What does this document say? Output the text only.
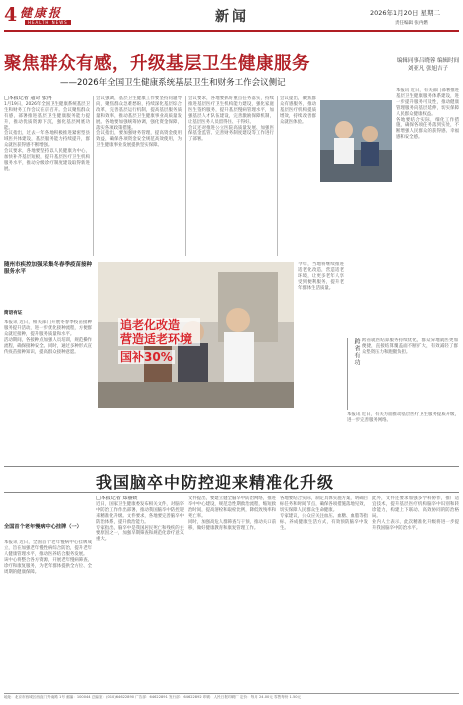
4 健康报
HEALTH NEWS	新闻	2026年1月20日 星期二
责任编辑 张冉燃
聚焦群众有感，升级基层卫生健康服务
——2026年全国卫生健康系统基层卫生和财务工作会议侧记
编辑同事吕晓蓉 编辑时间刘亚凡 张旭吉子
□本报记者 寇奇 张冉
1月19日，2026年全国卫生健康系统基层卫生和财务工作会议在京召开。会议聚焦群众有感，部署推进基层卫生健康服务能力提升，推动优质资源下沉，强化基层网底功能。
会议指出，过去一年各地积极推进紧密型县域医共体建设，基层服务能力持续提升，群众就医获得感不断增强。
会议要求，各地要坚持以人民健康为中心，加快补齐基层短板，提升基层医疗卫生机构服务水平，推动分级诊疗制度建设取得新进展。
会议强调，基层卫生健康工作要坚持问题导向，聚焦群众急难愁盼，持续深化基层综合改革，完善基层运行机制，提高基层服务质量和效率，推动基层卫生健康事业高质量发展。各地要加强统筹协调，强化资金保障，落实各项政策措施。
会议指出，要加强财务管理，提高资金使用效益，确保各项资金安全规范高效使用，为卫生健康事业发展提供坚实保障。
会议要求，各地要抓好重点任务落实，持续推进基层医疗卫生机构能力建设，强化家庭医生签约服务，提升基层慢病管理水平，加强基层人才队伍建设，完善激励保障机制，让基层医务人员留得住、干得好。
会议还对推进公立医院高质量发展、加强医保基金监管、完善财务制度建设等工作进行了部署。
会议提出，聚焦群众有感服务，推动基层医疗机构提质增效，持续改善群众就医体验。
本报讯 近日，有关部门部署推进基层卫生健康服务体系建设，进一步提升服务可及性，推动健康管理服务向基层延伸，切实保障人民群众健康权益。
各地要结合实际，细化工作措施，确保各项任务落到实处，不断增强人民群众的获得感、幸福感和安全感。
随州市疾控加强采集冬春季疫苗接种服务水平
简语有证
本报讯 近日，相关部门开展冬春季疫苗接种服务提升活动，进一步优化接种流程，方便群众就近接种，提升服务质量和水平。
活动期间，各接种点加强人员培训，规范操作流程，确保接种安全。同时，通过多种形式宣传疫苗接种知识，提高群众接种意愿。
追老化改造
营造适老环境
国补30%
今年，当地将继续推进适老化改造，营造适老环境，让更多老年人享受到便利服务，提升老年群体生活质量。
跨省有功 跨省就医结算服务持续优化，群众异地就医更加便捷，直接结算覆盖面不断扩大，有效减轻了群众垫资压力和跑腿负担。
本报讯 近日，有关方面推动基层医疗卫生服务提质升级，进一步完善服务网络。
我国脑卒中防控迎来精准化升级
全国首个老年慢病中心挂牌（一）
本报讯 近日，全国首个老年慢病中心挂牌成立，旨在加强老年慢性病综合防治，提升老年人健康管理水平，推动医养结合服务发展。
该中心将整合各方资源，开展老年慢病筛查、诊疗和康复服务，为老年群体提供全方位、全周期的健康保障。
□本报记者 郑丽媛
近日，国家卫生健康委发布相关文件，对脑卒中防治工作作出部署，推动我国脑卒中防控迎来精准化升级。文件要求，各地要完善脑卒中防治体系，提升救治能力。
专家指出，脑卒中是我国居民死亡和残疾的主要原因之一，加强早期筛查和规范化诊疗意义重大。
文件提出，要建立健全脑卒中防治网络，推进卒中中心建设，规范急性期救治流程，缩短救治时间，提高溶栓和取栓比例，降低致残率和死亡率。
同时，加强高危人群筛查与干预，推动关口前移，做好健康教育和康复管理工作。
各地要结合实际，制定具体实施方案，明确目标任务和时间节点，确保各项措施落地见效，切实保障人民群众生命健康。
专家建议，公众应关注血压、血糖、血脂等指标，养成健康生活方式，有效预防脑卒中发生。
此外，文件还要求加强多学科协作，推广适宜技术，提升基层医疗机构脑卒中识别和转诊能力，构建上下联动、高效协同的防治格局。
业内人士表示，此次精准化升级将进一步提升我国脑卒中防治水平。
地址：北京市西城区西直门外南路 1号 邮编：100044 总编室：(010)64622890 广告部：64622891 发行部：64622892 印刷：人民日报印刷厂 定价：每月 24.00元 零售每份 1.50元
